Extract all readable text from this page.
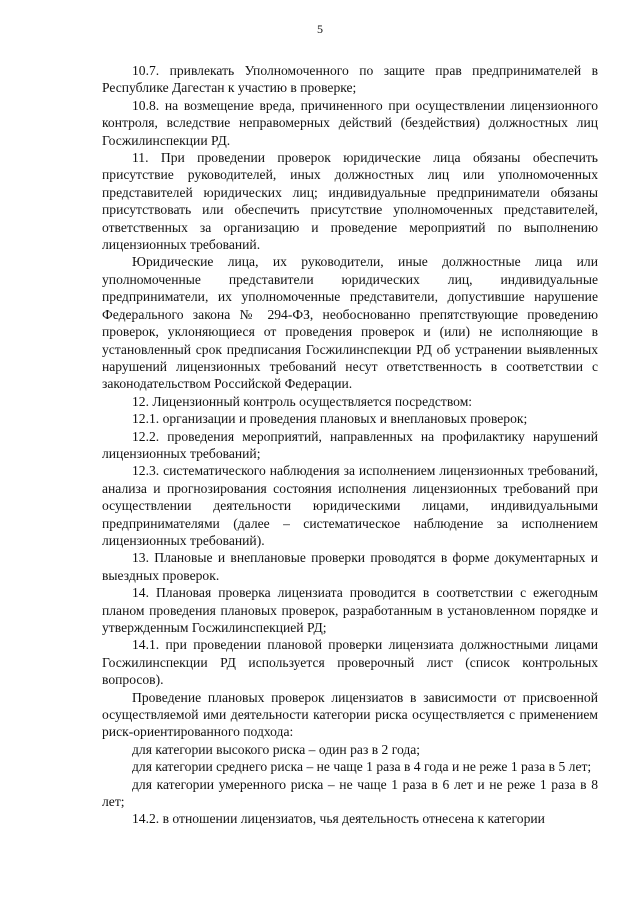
5

10.7. привлекать Уполномоченного по защите прав предпринимателей в Республике Дагестан к участию в проверке;

10.8. на возмещение вреда, причиненного при осуществлении лицензионного контроля, вследствие неправомерных действий (бездействия) должностных лиц Госжилинспекции РД.

11. При проведении проверок юридические лица обязаны обеспечить присутствие руководителей, иных должностных лиц или уполномоченных представителей юридических лиц; индивидуальные предприниматели обязаны присутствовать или обеспечить присутствие уполномоченных представителей, ответственных за организацию и проведение мероприятий по выполнению лицензионных требований.

Юридические лица, их руководители, иные должностные лица или уполномоченные представители юридических лиц, индивидуальные предприниматели, их уполномоченные представители, допустившие нарушение Федерального закона № 294-ФЗ, необоснованно препятствующие проведению проверок, уклоняющиеся от проведения проверок и (или) не исполняющие в установленный срок предписания Госжилинспекции РД об устранении выявленных нарушений лицензионных требований несут ответственность в соответствии с законодательством Российской Федерации.

12. Лицензионный контроль осуществляется посредством:

12.1. организации и проведения плановых и внеплановых проверок;

12.2. проведения мероприятий, направленных на профилактику нарушений лицензионных требований;

12.3. систематического наблюдения за исполнением лицензионных требований, анализа и прогнозирования состояния исполнения лицензионных требований при осуществлении деятельности юридическими лицами, индивидуальными предпринимателями (далее – систематическое наблюдение за исполнением лицензионных требований).

13. Плановые и внеплановые проверки проводятся в форме документарных и выездных проверок.

14. Плановая проверка лицензиата проводится в соответствии с ежегодным планом проведения плановых проверок, разработанным в установленном порядке и утвержденным Госжилинспекцией РД;

14.1. при проведении плановой проверки лицензиата должностными лицами Госжилинспекции РД используется проверочный лист (список контрольных вопросов).

Проведение плановых проверок лицензиатов в зависимости от присвоенной осуществляемой ими деятельности категории риска осуществляется с применением риск-ориентированного подхода:

для категории высокого риска – один раз в 2 года;

для категории среднего риска – не чаще 1 раза в 4 года и не реже 1 раза в 5 лет;

для категории умеренного риска – не чаще 1 раза в 6 лет и не реже 1 раза в 8 лет;

14.2. в отношении лицензиатов, чья деятельность отнесена к категории
